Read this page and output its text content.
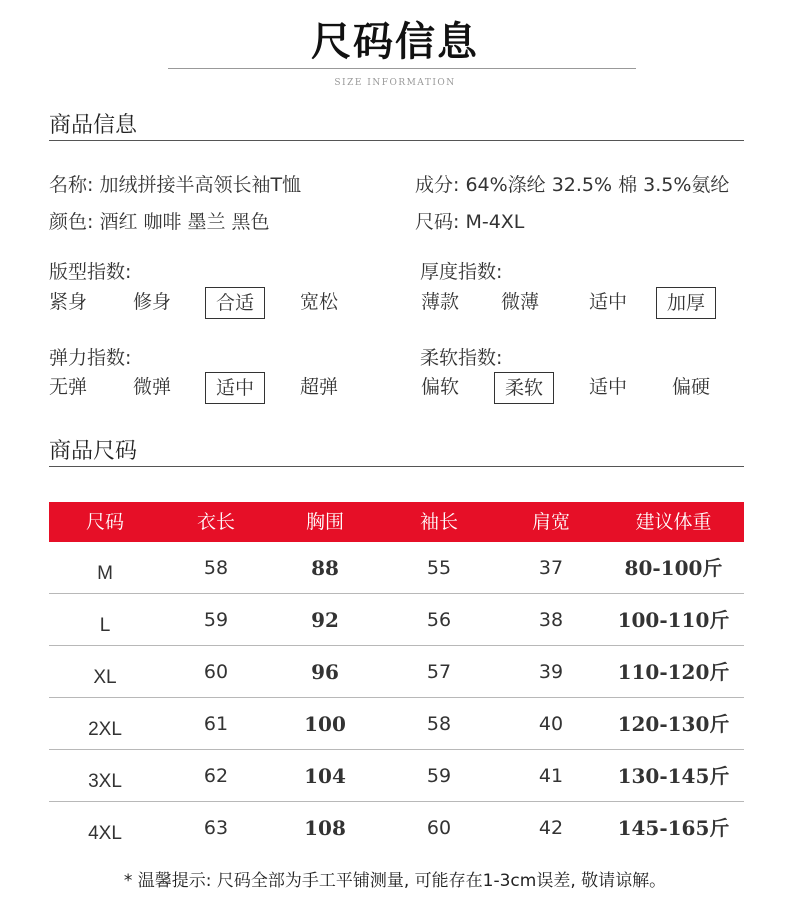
尺码信息
SIZE INFORMATION
商品信息
名称: 加绒拼接半高领长袖T恤	成分: 64%涤纶 32.5% 棉 3.5%氨纶
颜色: 酒红 咖啡 墨兰 黑色	尺码: M-4XL
版型指数:
紧身	修身	合适	宽松
厚度指数:
薄款	微薄	适中	加厚
弹力指数:
无弹	微弹	适中	超弹
柔软指数:
偏软	柔软	适中	偏硬
商品尺码
尺码	衣长	胸围	袖长	肩宽	建议体重
M	58	88	55	37	80-100斤
L	59	92	56	38	100-110斤
XL	60	96	57	39	110-120斤
2XL	61	100	58	40	120-130斤
3XL	62	104	59	41	130-145斤
4XL	63	108	60	42	145-165斤
* 温馨提示: 尺码全部为手工平铺测量, 可能存在1-3cm误差, 敬请谅解。
